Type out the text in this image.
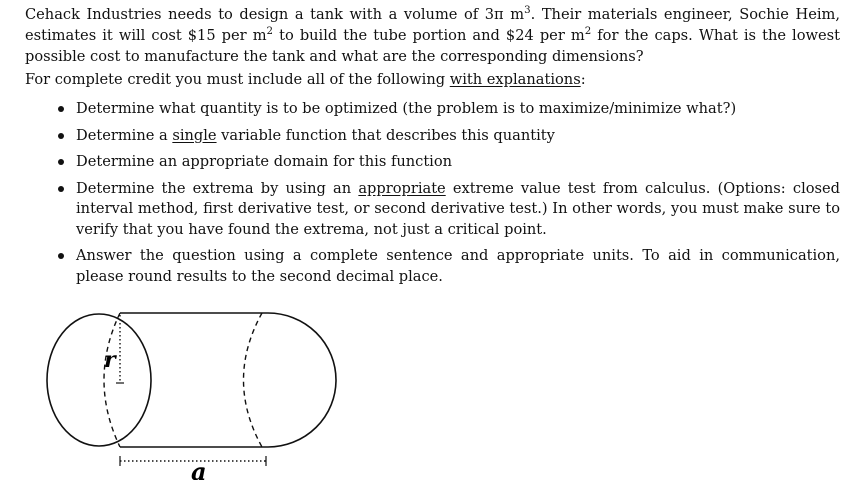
Cehack Industries needs to design a tank with a volume of 3π $m^3$. Their materials engineer, Sochie Heim, estimates it will cost $15 per $m^2$ to build the tube portion and $24 per $m^2$ for the caps. What is the lowest possible cost to manufacture the tank and what are the corresponding dimensions?

For complete credit you must include all of the following with explanations:

Determine what quantity is to be optimized (the problem is to maximize/minimize what?)
Determine a single variable function that describes this quantity
Determine an appropriate domain for this function
Determine the extrema by using an appropriate extreme value test from calculus. (Options: closed interval method, first derivative test, or second derivative test.) In other words, you must make sure to verify that you have found the extrema, not just a critical point.
Answer the question using a complete sentence and appropriate units. To aid in communication, please round results to the second decimal place.
r
a
